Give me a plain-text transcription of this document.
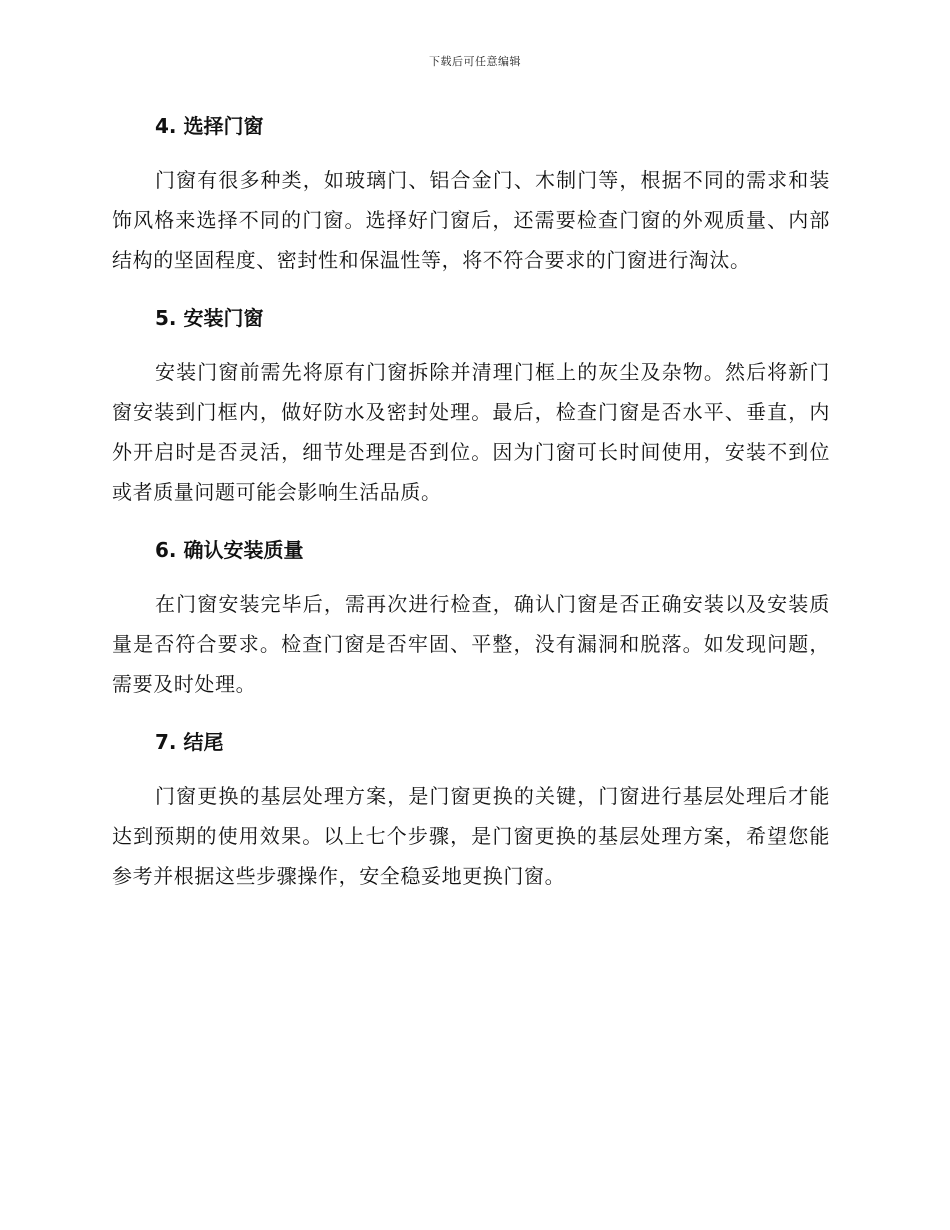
下载后可任意编辑
4. 选择门窗

门窗有很多种类，如玻璃门、铝合金门、木制门等，根据不同的需求和装饰风格来选择不同的门窗。选择好门窗后，还需要检查门窗的外观质量、内部结构的坚固程度、密封性和保温性等，将不符合要求的门窗进行淘汰。

5. 安装门窗

安装门窗前需先将原有门窗拆除并清理门框上的灰尘及杂物。然后将新门窗安装到门框内，做好防水及密封处理。最后，检查门窗是否水平、垂直，内外开启时是否灵活，细节处理是否到位。因为门窗可长时间使用，安装不到位或者质量问题可能会影响生活品质。

6. 确认安装质量

在门窗安装完毕后，需再次进行检查，确认门窗是否正确安装以及安装质量是否符合要求。检查门窗是否牢固、平整，没有漏洞和脱落。如发现问题，需要及时处理。

7. 结尾

门窗更换的基层处理方案，是门窗更换的关键，门窗进行基层处理后才能达到预期的使用效果。以上七个步骤，是门窗更换的基层处理方案，希望您能参考并根据这些步骤操作，安全稳妥地更换门窗。
